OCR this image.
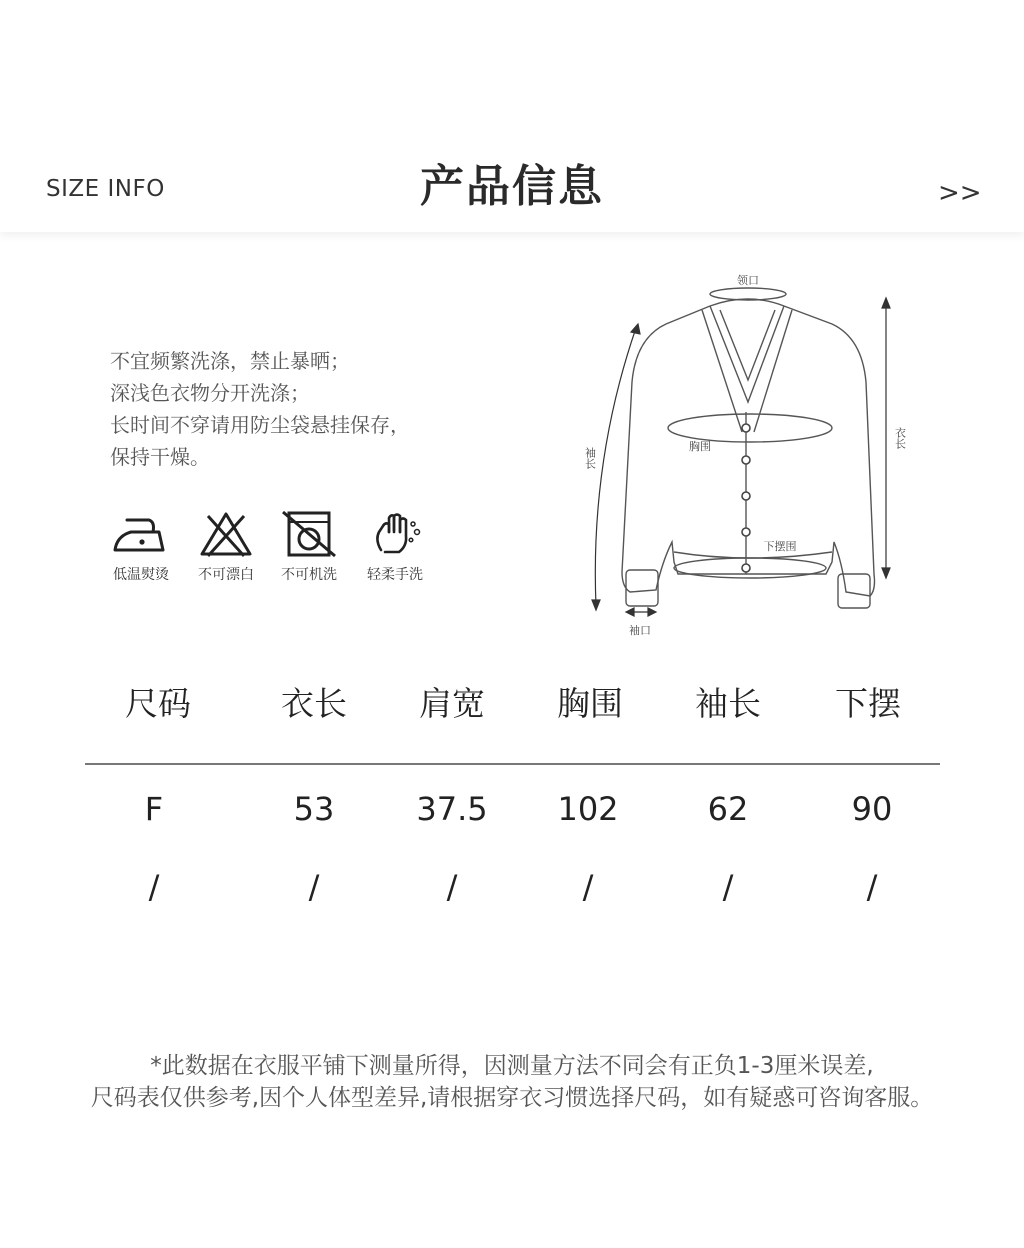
SIZE INFO	产品信息	>>
不宜频繁洗涤，禁止暴晒；
深浅色衣物分开洗涤；
长时间不穿请用防尘袋悬挂保存，
保持干燥。
低温熨烫	不可漂白	不可机洗	轻柔手洗
领口
胸围
下摆围
袖口
袖长
衣长
尺码	衣长	肩宽	胸围	袖长	下摆
F	53	37.5	102	62	90
/	/	/	/	/	/
*此数据在衣服平铺下测量所得，因测量方法不同会有正负1-3厘米误差,
尺码表仅供参考,因个人体型差异,请根据穿衣习惯选择尺码，如有疑惑可咨询客服。
